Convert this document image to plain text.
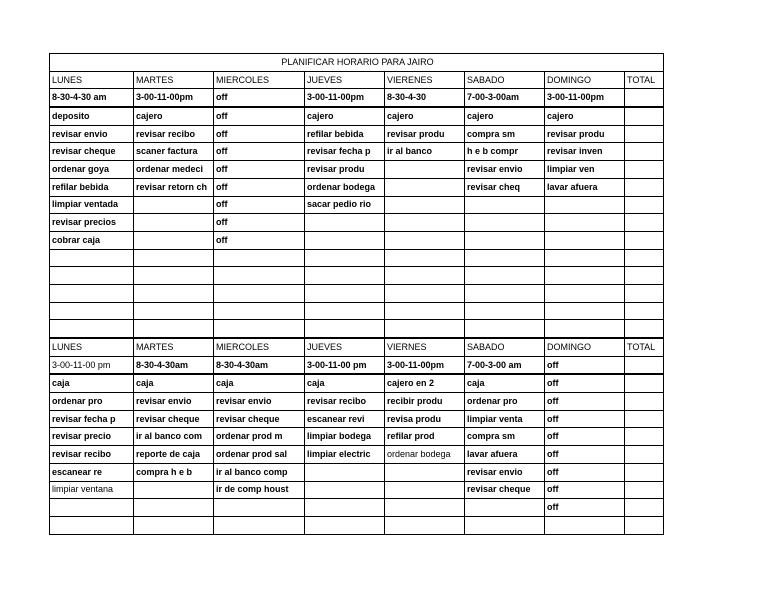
PLANIFICAR HORARIO PARA JAIRO							
LUNES	MARTES	MIERCOLES	JUEVES	VIERENES	SABADO	DOMINGO	TOTAL
8-30-4-30 am	3-00-11-00pm	off	3-00-11-00pm	8-30-4-30	7-00-3-00am	3-00-11-00pm	
deposito	cajero	off	cajero	cajero	cajero	cajero	
revisar envio	revisar recibo	off	refilar bebida	revisar produ	compra sm	revisar produ	
revisar cheque	scaner factura	off	revisar fecha p	ir al banco	h e b compr	revisar inven	
ordenar goya	ordenar medeci	off	revisar produ		revisar envio	limpiar ven	
refilar bebida	revisar retorn ch	off	ordenar bodega		revisar cheq	lavar afuera	
limpiar ventada		off	sacar pedio rio				
revisar precios		off					
cobrar caja		off					

LUNES	MARTES	MIERCOLES	JUEVES	VIERNES	SABADO	DOMINGO	TOTAL
3-00-11-00 pm	8-30-4-30am	8-30-4-30am	3-00-11-00 pm	3-00-11-00pm	7-00-3-00 am	off	
caja	caja	caja	caja	cajero en 2	caja	off	
ordenar pro	revisar envio	revisar envio	revisar recibo	recibir produ	ordenar pro	off	
revisar fecha p	revisar cheque	revisar cheque	escanear revi	revisa produ	limpiar venta	off	
revisar precio	ir al banco com	ordenar prod m	limpiar bodega	refilar prod	compra sm	off	
revisar recibo	reporte de caja	ordenar prod sal	limpiar electric	ordenar bodega	lavar afuera	off	
escanear re	compra h e b	ir al banco comp			revisar envio	off	
limpiar ventana		ir de comp houst			revisar cheque	off	
						off	
